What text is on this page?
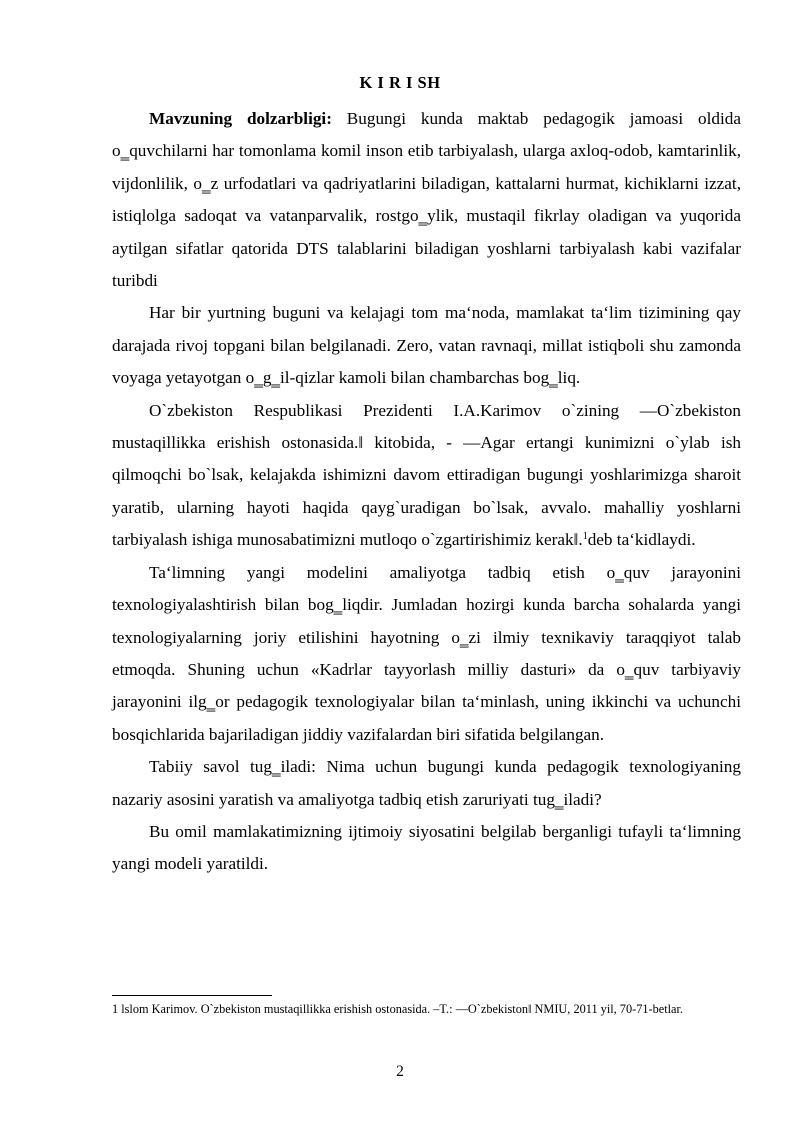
K I R I SH

Mavzuning dolzarbligi: Bugungi kunda maktab pedagogik jamoasi oldida o‗quvchilarni har tomonlama komil inson etib tarbiyalash, ularga axloq-odob, kamtarinlik, vijdonlilik, o‗z urfodatlari va qadriyatlarini biladigan, kattalarni hurmat, kichiklarni izzat, istiqlolga sadoqat va vatanparvalik, rostgo‗ylik, mustaqil fikrlay oladigan va yuqorida aytilgan sifatlar qatorida DTS talablarini biladigan yoshlarni tarbiyalash kabi vazifalar turibdi

Har bir yurtning buguni va kelajagi tom ma‘noda, mamlakat ta‘lim tizimining qay darajada rivoj topgani bilan belgilanadi. Zero, vatan ravnaqi, millat istiqboli shu zamonda voyaga yetayotgan o‗g‗il-qizlar kamoli bilan chambarchas bog‗liq.

O`zbekiston Respublikasi Prezidenti I.A.Karimov o`zining ―O`zbekiston mustaqillikka erishish ostonasida.‖ kitobida, - ―Agar ertangi kunimizni o`ylab ish qilmoqchi bo`lsak, kelajakda ishimizni davom ettiradigan bugungi yoshlarimizga sharoit yaratib, ularning hayoti haqida qayg`uradigan bo`lsak, avvalo. mahalliy yoshlarni tarbiyalash ishiga munosabatimizni mutloqo o`zgartirishimiz kerak‖.$^1$deb ta‘kidlaydi.

Ta‘limning yangi modelini amaliyotga tadbiq etish o‗quv jarayonini texnologiyalashtirish bilan bog‗liqdir. Jumladan hozirgi kunda barcha sohalarda yangi texnologiyalarning joriy etilishini hayotning o‗zi ilmiy texnikaviy taraqqiyot talab etmoqda. Shuning uchun «Kadrlar tayyorlash milliy dasturi» da o‗quv tarbiyaviy jarayonini ilg‗or pedagogik texnologiyalar bilan ta‘minlash, uning ikkinchi va uchunchi bosqichlarida bajariladigan jiddiy vazifalardan biri sifatida belgilangan.

Tabiiy savol tug‗iladi: Nima uchun bugungi kunda pedagogik texnologiyaning nazariy asosini yaratish va amaliyotga tadbiq etish zaruriyati tug‗iladi?

Bu omil mamlakatimizning ijtimoiy siyosatini belgilab berganligi tufayli ta‘limning yangi modeli yaratildi.

1 lslom Karimov. O`zbekiston mustaqillikka erishish ostonasida. –T.: ―O`zbekiston‖ NMIU, 2011 yil, 70-71-betlar.
2
